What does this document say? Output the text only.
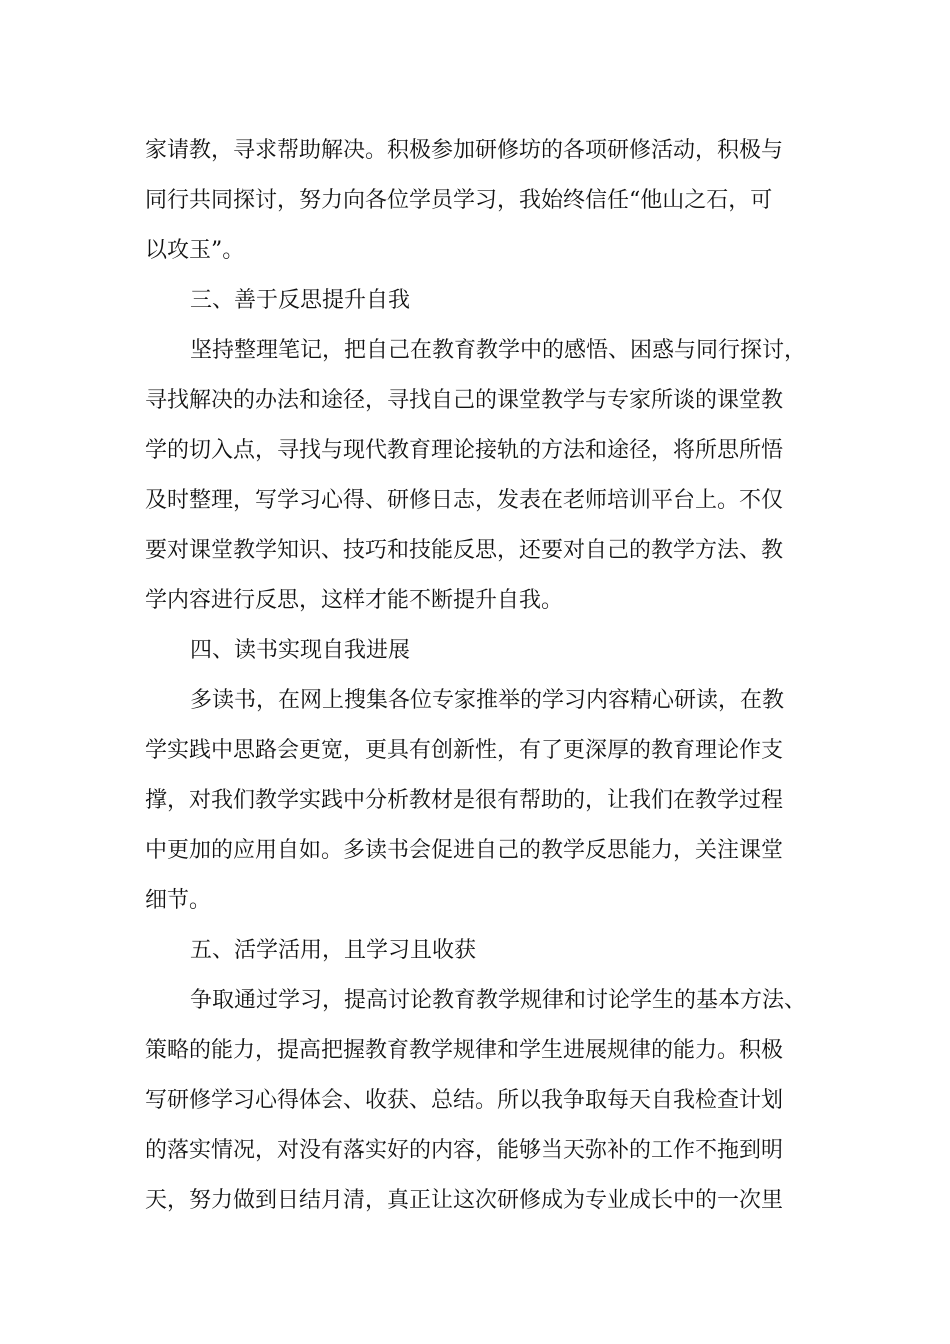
家请教，寻求帮助解决。积极参加研修坊的各项研修活动，积极与

同行共同探讨，努力向各位学员学习，我始终信任“他山之石，可

以攻玉”。

三、善于反思提升自我

坚持整理笔记，把自己在教育教学中的感悟、困惑与同行探讨，

寻找解决的办法和途径，寻找自己的课堂教学与专家所谈的课堂教

学的切入点，寻找与现代教育理论接轨的方法和途径，将所思所悟

及时整理，写学习心得、研修日志，发表在老师培训平台上。不仅

要对课堂教学知识、技巧和技能反思，还要对自己的教学方法、教

学内容进行反思，这样才能不断提升自我。

四、读书实现自我进展

多读书，在网上搜集各位专家推举的学习内容精心研读，在教

学实践中思路会更宽，更具有创新性，有了更深厚的教育理论作支

撑，对我们教学实践中分析教材是很有帮助的，让我们在教学过程

中更加的应用自如。多读书会促进自己的教学反思能力，关注课堂

细节。

五、活学活用，且学习且收获

争取通过学习，提高讨论教育教学规律和讨论学生的基本方法、

策略的能力，提高把握教育教学规律和学生进展规律的能力。积极

写研修学习心得体会、收获、总结。所以我争取每天自我检查计划

的落实情况，对没有落实好的内容，能够当天弥补的工作不拖到明

天，努力做到日结月清，真正让这次研修成为专业成长中的一次里
